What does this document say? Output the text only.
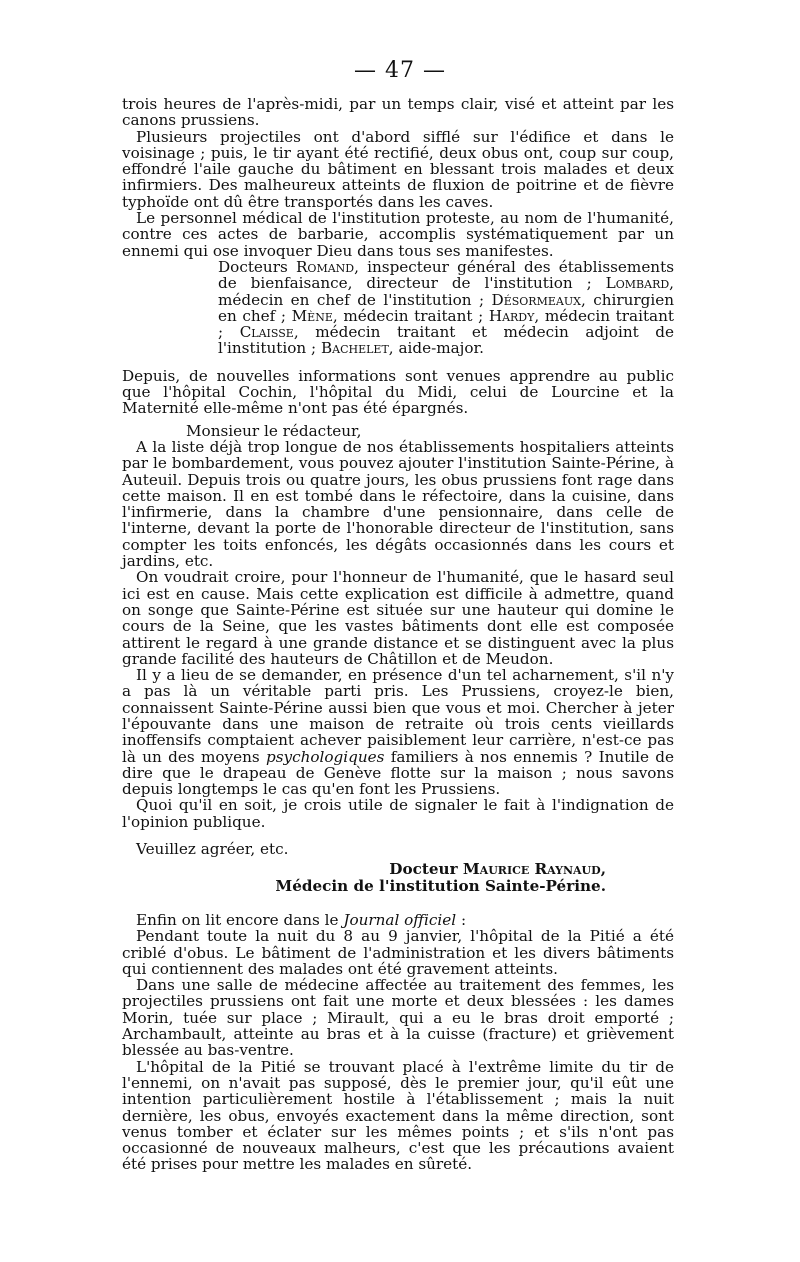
— 47 —

trois heures de l'après-midi, par un temps clair, visé et atteint par les canons prussiens.

Plusieurs projectiles ont d'abord sifflé sur l'édifice et dans le voisinage ; puis, le tir ayant été rectifié, deux obus ont, coup sur coup, effondré l'aile gauche du bâtiment en blessant trois malades et deux infirmiers. Des malheureux atteints de fluxion de poitrine et de fièvre typhoïde ont dû être transportés dans les caves.

Le personnel médical de l'institution proteste, au nom de l'humanité, contre ces actes de barbarie, accomplis systématiquement par un ennemi qui ose invoquer Dieu dans tous ses manifestes.

Docteurs Romand, inspecteur général des établissements de bienfaisance, directeur de l'institution ; Lombard, médecin en chef de l'institution ; Désormeaux, chirurgien en chef ; Mène, médecin traitant ; Hardy, médecin traitant ; Claisse, médecin traitant et médecin adjoint de l'institution ; Bachelet, aide-major.

Depuis, de nouvelles informations sont venues apprendre au public que l'hôpital Cochin, l'hôpital du Midi, celui de Lourcine et la Maternité elle-même n'ont pas été épargnés.

Monsieur le rédacteur,

A la liste déjà trop longue de nos établissements hospitaliers atteints par le bombardement, vous pouvez ajouter l'institution Sainte-Périne, à Auteuil. Depuis trois ou quatre jours, les obus prussiens font rage dans cette maison. Il en est tombé dans le réfectoire, dans la cuisine, dans l'infirmerie, dans la chambre d'une pensionnaire, dans celle de l'interne, devant la porte de l'honorable directeur de l'institution, sans compter les toits enfoncés, les dégâts occasionnés dans les cours et jardins, etc.

On voudrait croire, pour l'honneur de l'humanité, que le hasard seul ici est en cause. Mais cette explication est difficile à admettre, quand on songe que Sainte-Périne est située sur une hauteur qui domine le cours de la Seine, que les vastes bâtiments dont elle est composée attirent le regard à une grande distance et se distinguent avec la plus grande facilité des hauteurs de Châtillon et de Meudon.

Il y a lieu de se demander, en présence d'un tel acharnement, s'il n'y a pas là un véritable parti pris. Les Prussiens, croyez-le bien, connaissent Sainte-Périne aussi bien que vous et moi. Chercher à jeter l'épouvante dans une maison de retraite où trois cents vieillards inoffensifs comptaient achever paisiblement leur carrière, n'est-ce pas là un des moyens psychologiques familiers à nos ennemis ? Inutile de dire que le drapeau de Genève flotte sur la maison ; nous savons depuis longtemps le cas qu'en font les Prussiens.

Quoi qu'il en soit, je crois utile de signaler le fait à l'indignation de l'opinion publique.

Veuillez agréer, etc.

Docteur Maurice Raynaud,

Médecin de l'institution Sainte-Périne.

Enfin on lit encore dans le Journal officiel :

Pendant toute la nuit du 8 au 9 janvier, l'hôpital de la Pitié a été criblé d'obus. Le bâtiment de l'administration et les divers bâtiments qui contiennent des malades ont été gravement atteints.

Dans une salle de médecine affectée au traitement des femmes, les projectiles prussiens ont fait une morte et deux blessées : les dames Morin, tuée sur place ; Mirault, qui a eu le bras droit emporté ; Archambault, atteinte au bras et à la cuisse (fracture) et grièvement blessée au bas-ventre.

L'hôpital de la Pitié se trouvant placé à l'extrême limite du tir de l'ennemi, on n'avait pas supposé, dès le premier jour, qu'il eût une intention particulièrement hostile à l'établissement ; mais la nuit dernière, les obus, envoyés exactement dans la même direction, sont venus tomber et éclater sur les mêmes points ; et s'ils n'ont pas occasionné de nouveaux malheurs, c'est que les précautions avaient été prises pour mettre les malades en sûreté.
